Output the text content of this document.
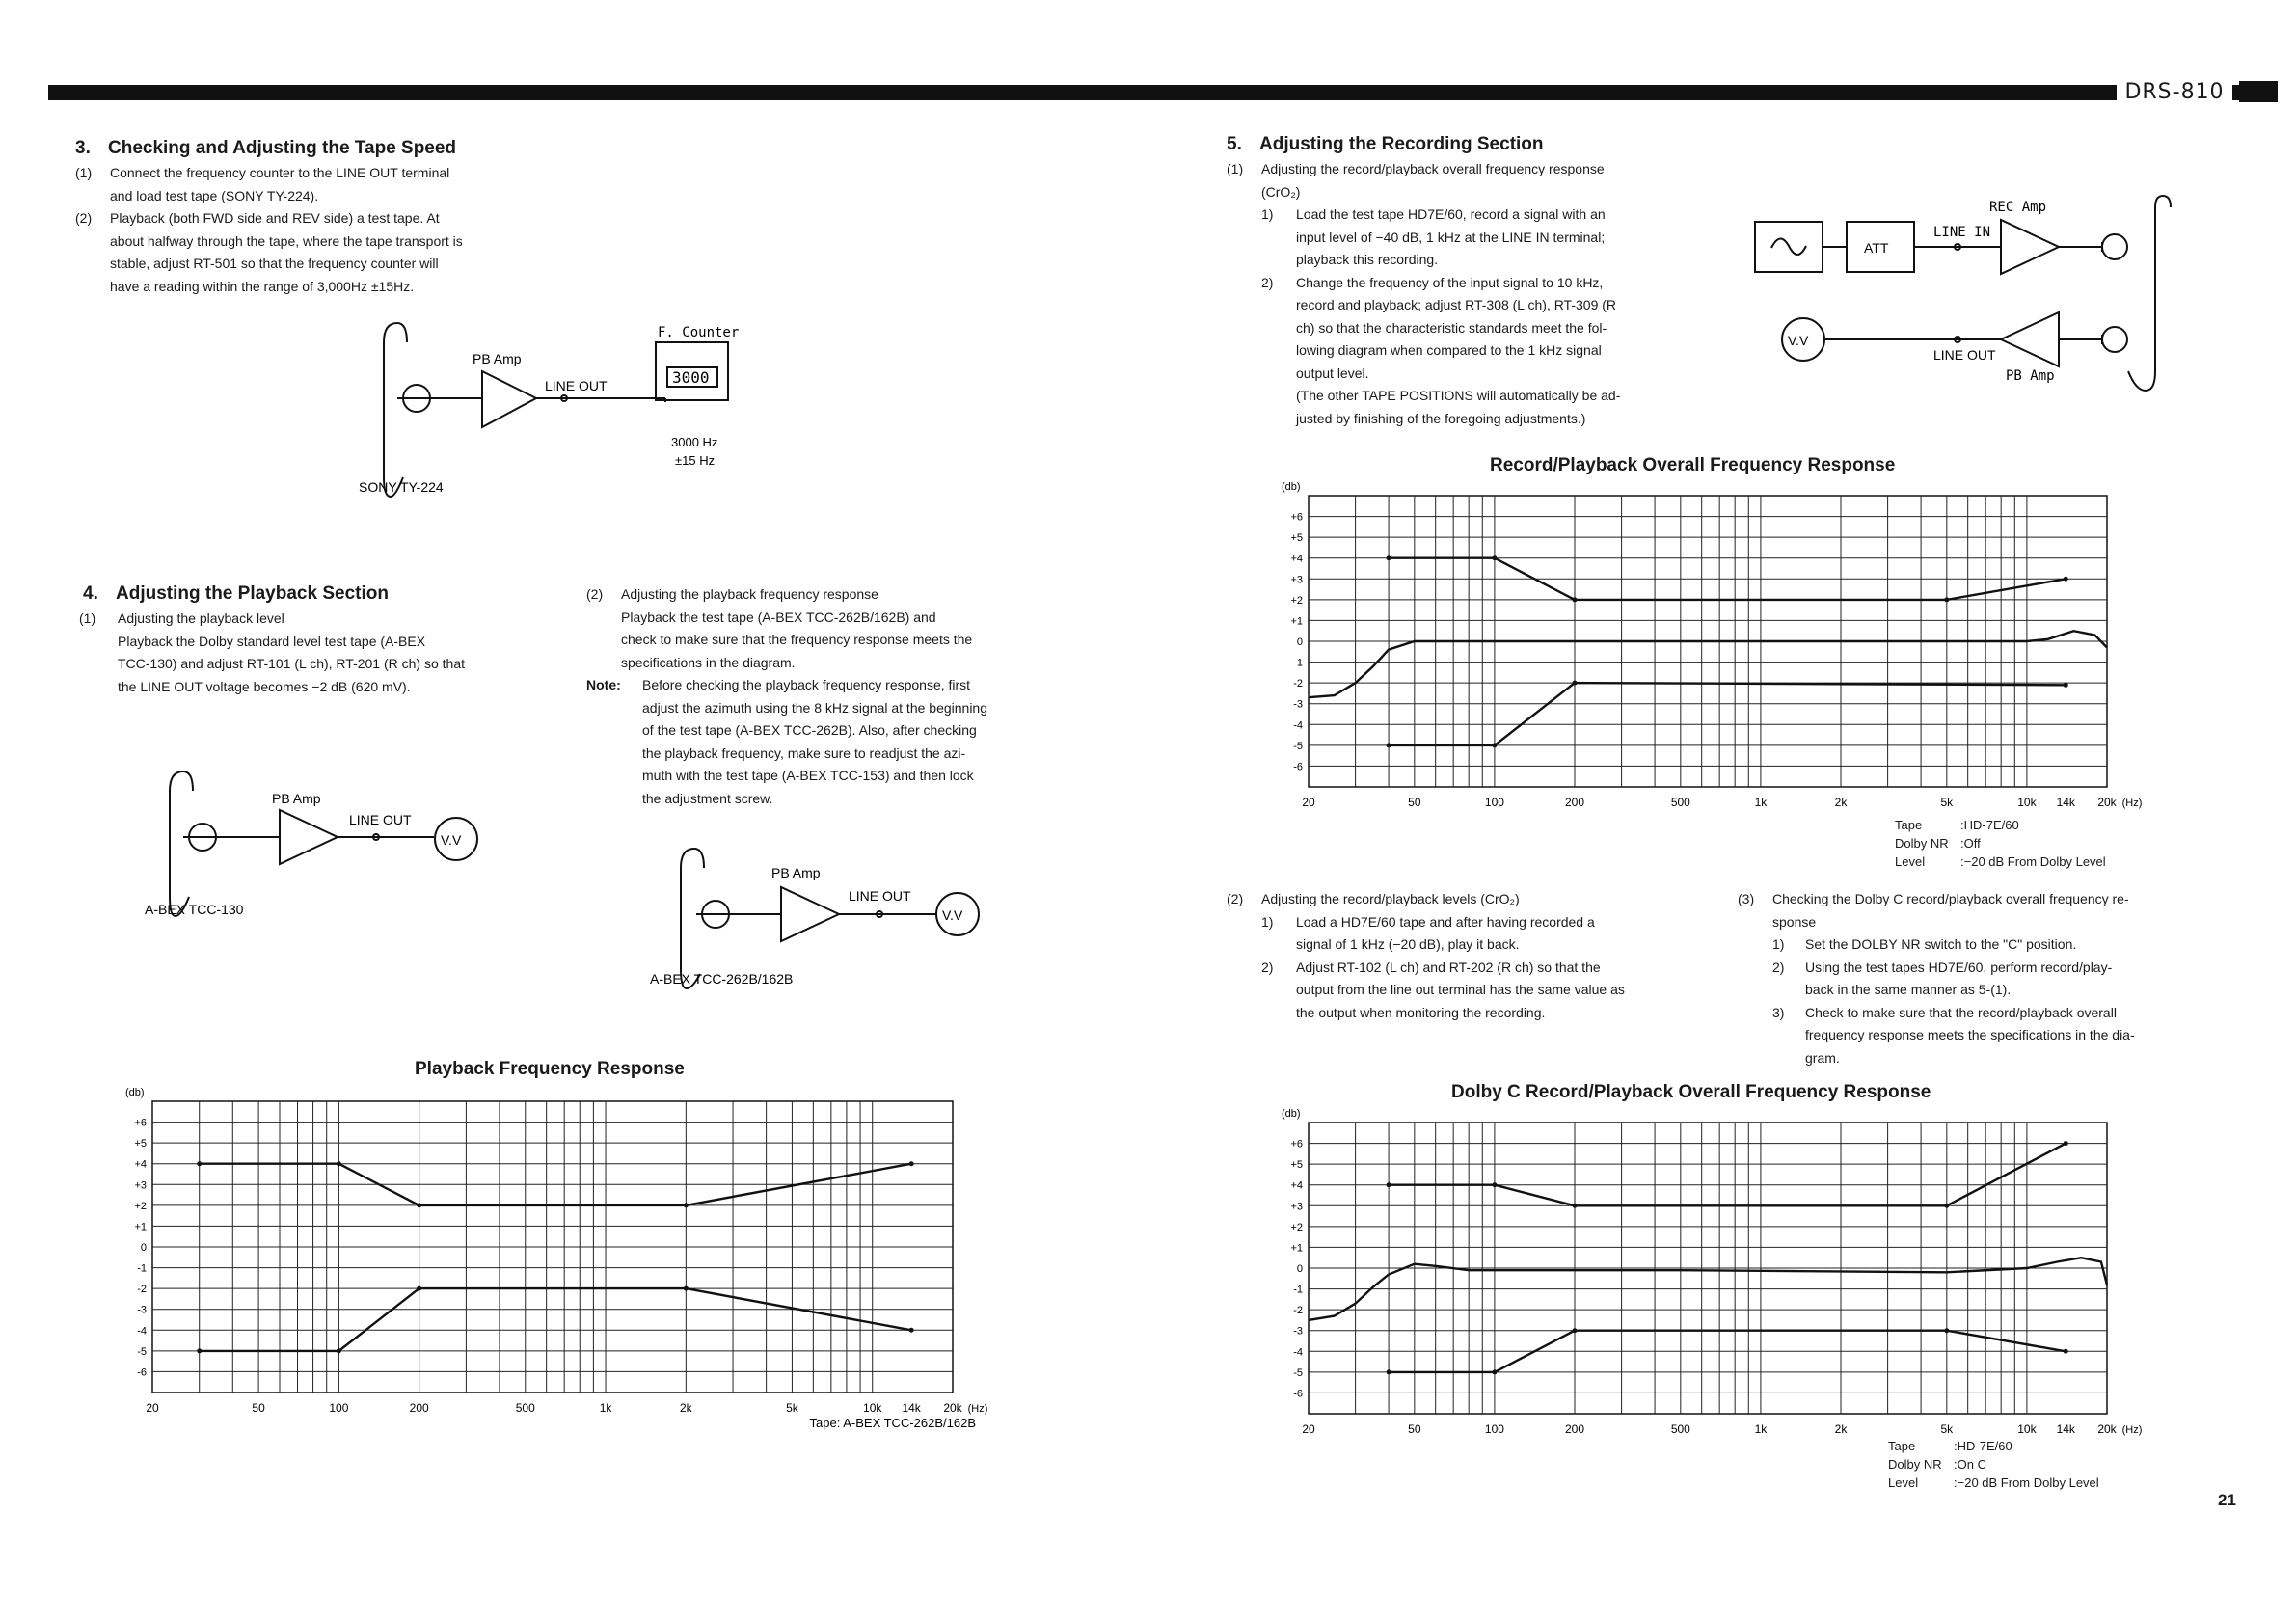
DRS-810
3. Checking and Adjusting the Tape Speed
(1)	Connect the frequency counter to the LINE OUT terminal
and load test tape (SONY TY-224).
(2)	Playback (both FWD side and REV side) a test tape. At
about halfway through the tape, where the tape transport is
stable, adjust RT-501 so that the frequency counter will
have a reading within the range of 3,000Hz ±15Hz.
PB Amp
LINE OUT
F. Counter
3000
3000 Hz
±15 Hz
SONY TY-224
4. Adjusting the Playback Section
(1)	Adjusting the playback level
Playback the Dolby standard level test tape (A-BEX
TCC-130) and adjust RT-101 (L ch), RT-201 (R ch) so that
the LINE OUT voltage becomes −2 dB (620 mV).
(2)	Adjusting the playback frequency response
Playback the test tape (A-BEX TCC-262B/162B) and
check to make sure that the frequency response meets the
specifications in the diagram.
Note:	Before checking the playback frequency response, first
adjust the azimuth using the 8 kHz signal at the beginning
of the test tape (A-BEX TCC-262B). Also, after checking
the playback frequency, make sure to readjust the azi-
muth with the test tape (A-BEX TCC-153) and then lock
the adjustment screw.
PB Amp
LINE OUT
V.V
A-BEX TCC-130
PB Amp
LINE OUT
V.V
A-BEX TCC-262B/162B
5. Adjusting the Recording Section
(1)	Adjusting the record/playback overall frequency response
(CrO₂)
1)	Load the test tape HD7E/60, record a signal with an
input level of −40 dB, 1 kHz at the LINE IN terminal;
playback this recording.
2)	Change the frequency of the input signal to 10 kHz,
record and playback; adjust RT-308 (L ch), RT-309 (R
ch) so that the characteristic standards meet the fol-
lowing diagram when compared to the 1 kHz signal
output level.
(The other TAPE POSITIONS will automatically be ad-
justed by finishing of the foregoing adjustments.)
REC Amp
LINE IN
ATT
V.V
LINE OUT
PB Amp
Playback Frequency Response
+6
+5
+4
+3
+2
+1
0
-1
-2
-3
-4
-5
-6
(db)
20	50	100	200	500	1k	2k	5k	10k 14k 20k (Hz)
Tape: A-BEX TCC-262B/162B
Record/Playback Overall Frequency Response
+6
+5
+4
+3
+2
+1
0
-1
-2
-3
-4
-5
-6
(db)
20	50	100	200	500	1k	2k	5k	10k 14k 20k (Hz)
Tape	: HD-7E/60
Dolby NR : Off
Level	: −20 dB From Dolby Level
(2)	Adjusting the record/playback levels (CrO₂)
1)	Load a HD7E/60 tape and after having recorded a
signal of 1 kHz (−20 dB), play it back.
2)	Adjust RT-102 (L ch) and RT-202 (R ch) so that the
output from the line out terminal has the same value as
the output when monitoring the recording.
(3)	Checking the Dolby C record/playback overall frequency re-
sponse
1)	Set the DOLBY NR switch to the "C" position.
2)	Using the test tapes HD7E/60, perform record/play-
back in the same manner as 5-(1).
3)	Check to make sure that the record/playback overall
frequency response meets the specifications in the dia-
gram.
Dolby C Record/Playback Overall Frequency Response
+6
+5
+4
+3
+2
+1
0
-1
-2
-3
-4
-5
-6
(db)
20	50	100	200	500	1k	2k	5k	10k 14k 20k (Hz)
Tape	: HD-7E/60
Dolby NR : On C
Level	: −20 dB From Dolby Level
21
